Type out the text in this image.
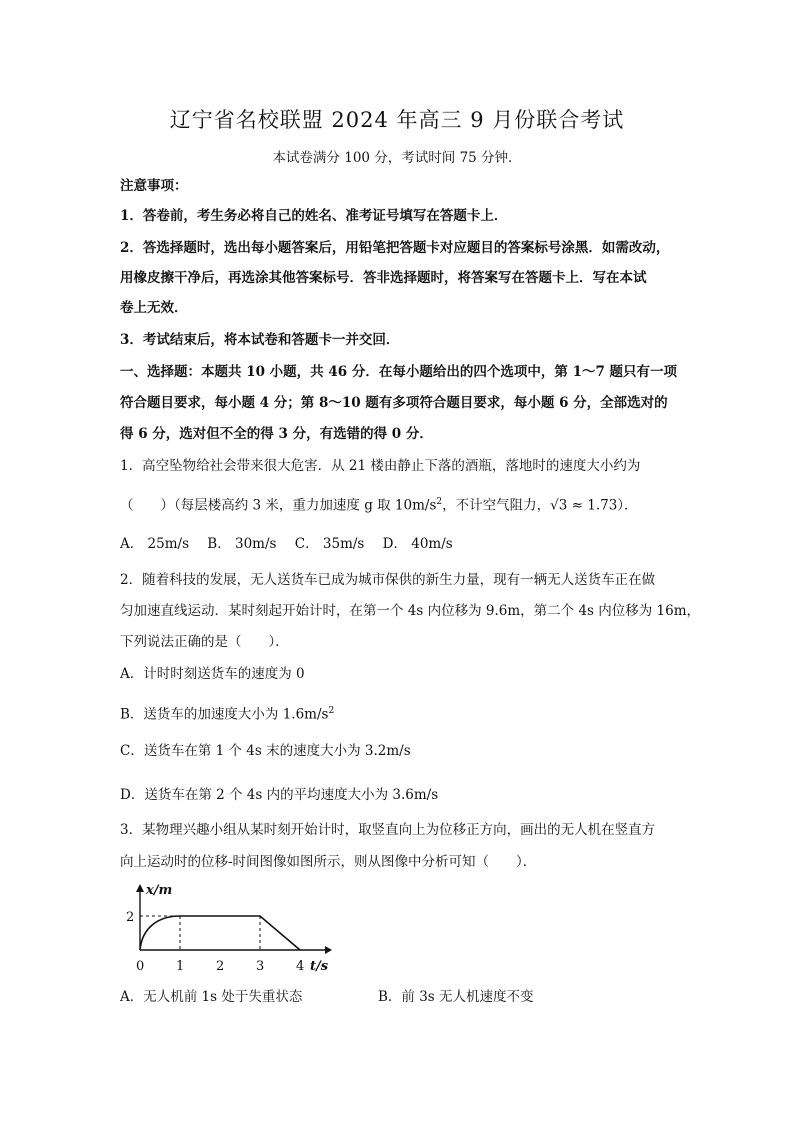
辽宁省名校联盟 2024 年高三 9 月份联合考试
本试卷满分 100 分，考试时间 75 分钟．
注意事项：
1．答卷前，考生务必将自己的姓名、准考证号填写在答题卡上．
2．答选择题时，选出每小题答案后，用铅笔把答题卡对应题目的答案标号涂黑．如需改动，
用橡皮擦干净后，再选涂其他答案标号．答非选择题时，将答案写在答题卡上．写在本试
卷上无效．
3．考试结束后，将本试卷和答题卡一并交回．
一、选择题：本题共 10 小题，共 46 分．在每小题给出的四个选项中，第 1～7 题只有一项
符合题目要求，每小题 4 分；第 8～10 题有多项符合题目要求，每小题 6 分，全部选对的
得 6 分，选对但不全的得 3 分，有选错的得 0 分．
1．高空坠物给社会带来很大危害．从 21 楼由静止下落的酒瓶，落地时的速度大小约为
（　　）（每层楼高约 3 米，重力加速度 g 取 $10m/s^2$，不计空气阻力，√3 ≈ 1.73）．
A． 25m/s B． 30m/s C． 35m/s D． 40m/s
2．随着科技的发展，无人送货车已成为城市保供的新生力量，现有一辆无人送货车正在做
匀加速直线运动．某时刻起开始计时，在第一个 4s 内位移为 9.6m，第二个 4s 内位移为 16m，
下列说法正确的是（　　）．
A．计时时刻送货车的速度为 0
B．送货车的加速度大小为 $1.6m/s^2$
C．送货车在第 1 个 4s 末的速度大小为 3.2m/s
D．送货车在第 2 个 4s 内的平均速度大小为 3.6m/s
3．某物理兴趣小组从某时刻开始计时，取竖直向上为位移正方向，画出的无人机在竖直方
向上运动时的位移-时间图像如图所示，则从图像中分析可知（　　）．
x/m
t/s
0 1 2 3 4
2
A．无人机前 1s 处于失重状态	B．前 3s 无人机速度不变
